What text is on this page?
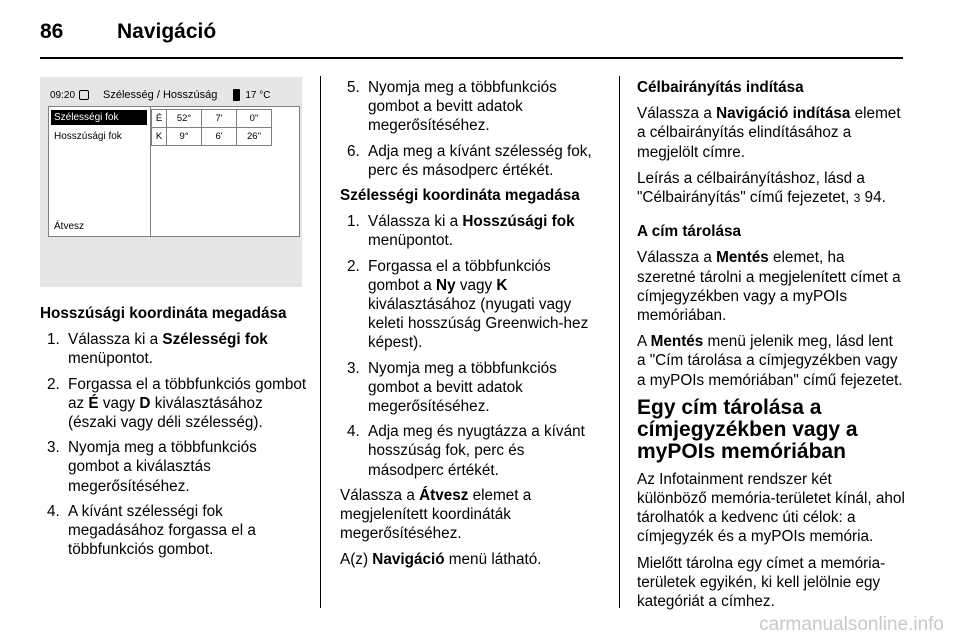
86	Navigáció
09:20	Szélesség / Hosszúság	17 °C
Szélességi fok
Hosszúsági fok
Átvesz
É	52°	7'	0"
K	9°	6'	26"

Hosszúsági koordináta megadása

1. Válassza ki a Szélességi fok menüpontot.
2. Forgassa el a többfunkciós gombot az É vagy D kiválasztásához (északi vagy déli szélesség).
3. Nyomja meg a többfunkciós gombot a kiválasztás megerősítéséhez.
4. A kívánt szélességi fok megadásához forgassa el a többfunkciós gombot.
5. Nyomja meg a többfunkciós gombot a bevitt adatok megerősítéséhez.
6. Adja meg a kívánt szélesség fok, perc és másodperc értékét.

Szélességi koordináta megadása

1. Válassza ki a Hosszúsági fok menüpontot.
2. Forgassa el a többfunkciós gombot a Ny vagy K kiválasztásához (nyugati vagy keleti hosszúság Greenwich-hez képest).
3. Nyomja meg a többfunkciós gombot a bevitt adatok megerősítéséhez.
4. Adja meg és nyugtázza a kívánt hosszúság fok, perc és másodperc értékét.

Válassza a Átvesz elemet a megjelenített koordináták megerősítéséhez.

A(z) Navigáció menü látható.

Célbairányítás indítása

Válassza a Navigáció indítása elemet a célbairányítás elindításához a megjelölt címre.

Leírás a célbairányításhoz, lásd a "Célbairányítás" című fejezetet, 3 94.

A cím tárolása

Válassza a Mentés elemet, ha szeretné tárolni a megjelenített címet a címjegyzékben vagy a myPOIs memóriában.

A Mentés menü jelenik meg, lásd lent a "Cím tárolása a címjegyzékben vagy a myPOIs memóriában" című fejezetet.

Egy cím tárolása a címjegyzékben vagy a myPOIs memóriában

Az Infotainment rendszer két különböző memória-területet kínál, ahol tárolhatók a kedvenc úti célok: a címjegyzék és a myPOIs memória.

Mielőtt tárolna egy címet a memória-területek egyikén, ki kell jelölnie egy kategóriát a címhez.

carmanualsonline.info
